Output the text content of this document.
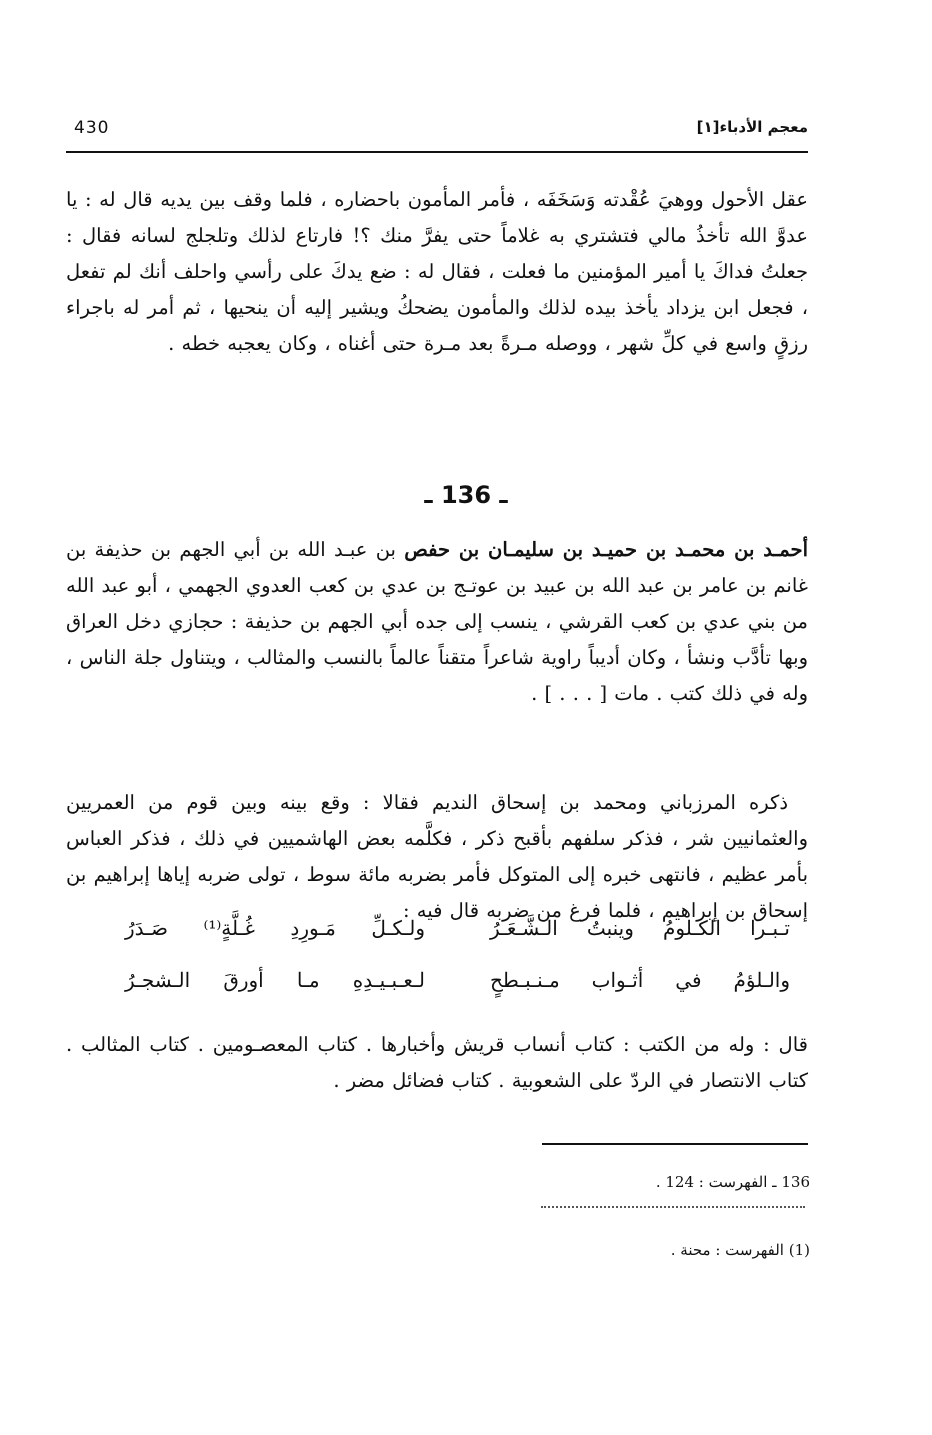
430	معجم الأدباء[١]

عقل الأحول ووهيَ عُقْدته وَسَخَفَه ، فأمر المأمون باحضاره ، فلما وقف بين يديه قال له : يا عدوَّ الله تأخذُ مالي فتشتري به غلاماً حتى يفرَّ منك ؟! فارتاع لذلك وتلجلج لسانه فقال : جعلتُ فداكَ يا أمير المؤمنين ما فعلت ، فقال له : ضع يدكَ على رأسي واحلف أنك لم تفعل ، فجعل ابن يزداد يأخذ بيده لذلك والمأمون يضحكُ ويشير إليه أن ينحيها ، ثم أمر له باجراء رزقٍ واسع في كلِّ شهر ، ووصله مـرةً بعد مـرة حتى أغناه ، وكان يعجبه خطه .

ـ 136 ـ

أحمـد بن محمـد بن حميـد بن سليمـان بن حفص بن عبـد الله بن أبي الجهم بن حذيفة بن غانم بن عامر بن عبد الله بن عبيد بن عوتـج بن عدي بن كعب العدوي الجهمي ، أبو عبد الله من بني عدي بن كعب القرشي ، ينسب إلى جده أبي الجهم بن حذيفة : حجازي دخل العراق وبها تأدَّب ونشأ ، وكان أديباً راوية شاعراً متقناً عالماً بالنسب والمثالب ، ويتناول جلة الناس ، وله في ذلك كتب . مات [ . . . ] .

ذكره المرزباني ومحمد بن إسحاق النديم فقالا : وقع بينه وبين قوم من العمريين والعثمانيين شر ، فذكر سلفهم بأقبح ذكر ، فكلَّمه بعض الهاشميين في ذلك ، فذكر العباس بأمر عظيم ، فانتهى خبره إلى المتوكل فأمر بضربه مائة سوط ، تولى ضربه إياها إبراهيم بن إسحاق بن إبراهيم ، فلما فرغ من ضربه قال فيه :

تـبـرا الكـلومُ وينبتُ الـشَّـعَـرُ
ولـكـلِّ مَـورِدِ غُـلَّةٍ⁽¹⁾ صَـدَرُ
والـلؤمُ في أثـواب مـنـبـطحٍ
لـعـبـيـدِهِ مـا أورقَ الـشجـرُ

قال : وله من الكتب : كتاب أنساب قريش وأخبارها . كتاب المعصـومين . كتاب المثالب . كتاب الانتصار في الردّ على الشعوبية . كتاب فضائل مضر .

136 ـ الفهرست : 124 .
(1) الفهرست : محنة .
